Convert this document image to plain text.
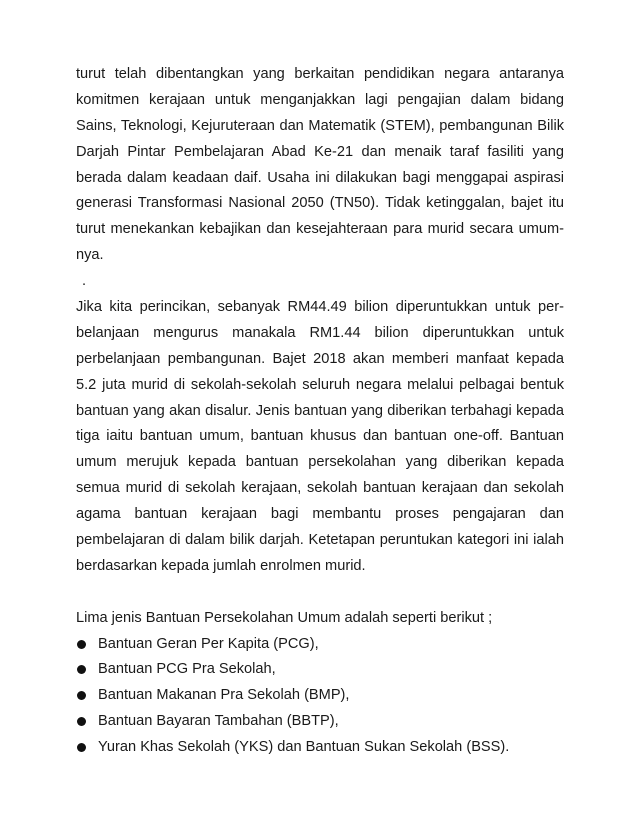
turut telah dibentangkan yang berkaitan pendidikan negara antaranya
komitmen kerajaan untuk menganjakkan lagi pengajian dalam bidang
Sains, Teknologi, Kejuruteraan dan Matematik (STEM), pembangunan Bilik
Darjah Pintar Pembelajaran Abad Ke-21 dan menaik taraf fasiliti yang
berada dalam keadaan daif. Usaha ini dilakukan bagi menggapai aspirasi
generasi Transformasi Nasional 2050 (TN50). Tidak ketinggalan, bajet itu
turut menekankan kebajikan dan kesejahteraan para murid secara umum-
nya.
.
Jika kita perincikan, sebanyak RM44.49 bilion diperuntukkan untuk per-
belanjaan mengurus manakala RM1.44 bilion diperuntukkan untuk
perbelanjaan pembangunan. Bajet 2018 akan memberi manfaat kepada
5.2 juta murid di sekolah-sekolah seluruh negara melalui pelbagai bentuk
bantuan yang akan disalur. Jenis bantuan yang diberikan terbahagi kepada
tiga iaitu bantuan umum, bantuan khusus dan bantuan one-off. Bantuan
umum merujuk kepada bantuan persekolahan yang diberikan kepada
semua murid di sekolah kerajaan, sekolah bantuan kerajaan dan sekolah
agama bantuan kerajaan bagi membantu proses pengajaran dan
pembelajaran di dalam bilik darjah. Ketetapan peruntukan kategori ini ialah
berdasarkan kepada jumlah enrolmen murid.
Lima jenis Bantuan Persekolahan Umum adalah seperti berikut ;
Bantuan Geran Per Kapita (PCG),
Bantuan PCG Pra Sekolah,
Bantuan Makanan Pra Sekolah (BMP),
Bantuan Bayaran Tambahan (BBTP),
Yuran Khas Sekolah (YKS) dan Bantuan Sukan Sekolah (BSS).
